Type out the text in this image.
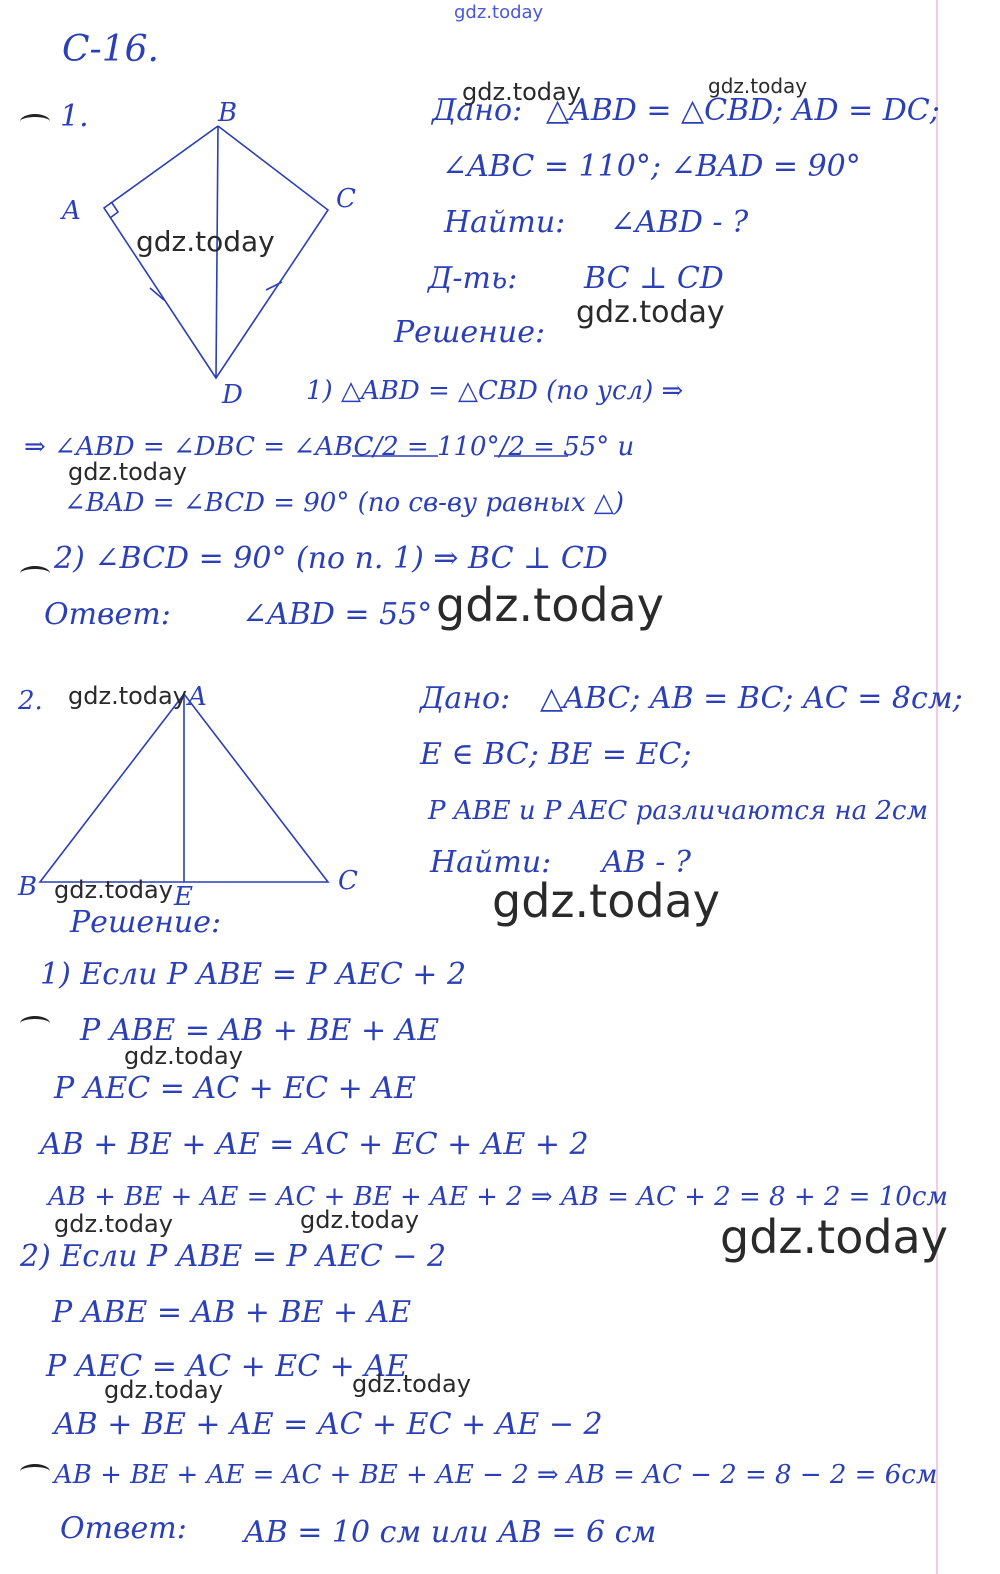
gdz.today
C-16.
1.	B
A	C
D
Дано: △ABD = △CBD; AD = DC;
∠ABC = 110°; ∠BAD = 90°
Найти: ∠ABD - ?
Д-ть: BC ⊥ CD
Решение:
1) △ABD = △CBD (по усл) ⇒
⇒ ∠ABD = ∠DBC = ∠ABC/2 = 110°/2 = 55° и
∠BAD = ∠BCD = 90° (по св-ву равных △)
2) ∠BCD = 90° (по п. 1) ⇒ BC ⊥ CD
Ответ: ∠ABD = 55°
2.	A
B	C
E
Дано: △ABC; AB = BC; AC = 8см;
E ∈ BC; BE = EC;
P ABE и P AEC различаются на 2см
Найти: AB - ?
Решение:
1) Если P ABE = P AEC + 2
P ABE = AB + BE + AE
P AEC = AC + EC + AE
AB + BE + AE = AC + EC + AE + 2
AB + BE + AE = AC + BE + AE + 2 ⇒ AB = AC + 2 = 8 + 2 = 10см
2) Если P ABE = P AEC − 2
P ABE = AB + BE + AE
P AEC = AC + EC + AE
AB + BE + AE = AC + EC + AE − 2
AB + BE + AE = AC + BE + AE − 2 ⇒ AB = AC − 2 = 8 − 2 = 6см
Ответ: AB = 10 см или AB = 6 см
gdz.today	gdz.today
gdz.today
gdz.today
gdz.today
gdz.today
gdz.today
gdz.today	gdz.today
gdz.today
gdz.today	gdz.today	gdz.today
gdz.today	gdz.today
